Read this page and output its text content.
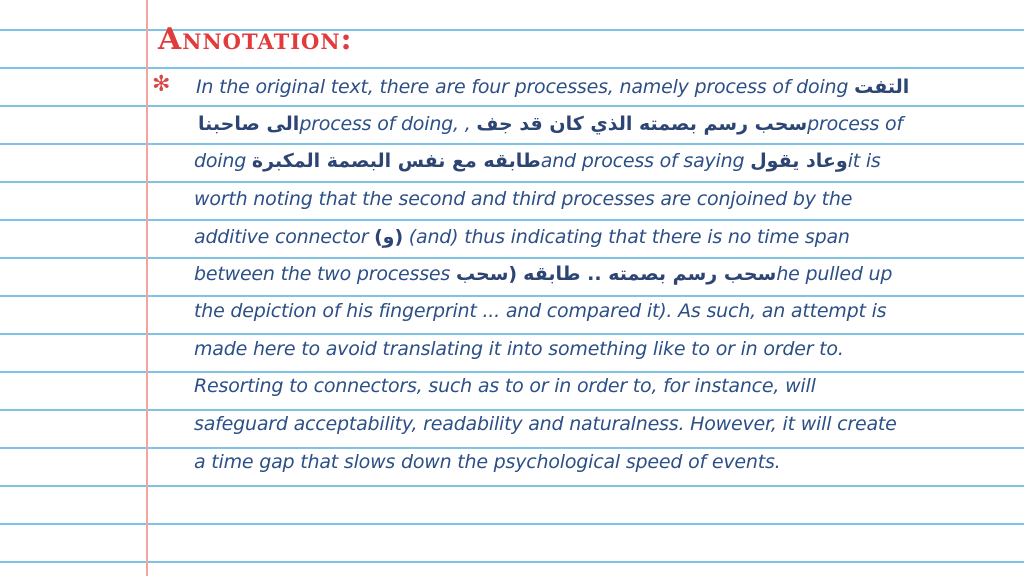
Annotation:
✻ In the original text, there are four processes, namely process of doing التفت
الى صاحبناprocess of doing, , سحب رسم بصمته الذي كان قد جفprocess of
doing طابقه مع نفس البصمة المكبرةand process of saying وعاد يقولit is
worth noting that the second and third processes are conjoined by the
additive connector (و) (and) thus indicating that there is no time span
between the two processes	سحب رسم بصمته .. طابقه (سحب	he pulled up
the depiction of his fingerprint ... and compared it). As such, an attempt is
made here to avoid translating it into something like to or in order to.
Resorting to connectors, such as to or in order to, for instance, will
safeguard acceptability, readability and naturalness. However, it will create
a time gap that slows down the psychological speed of events.
